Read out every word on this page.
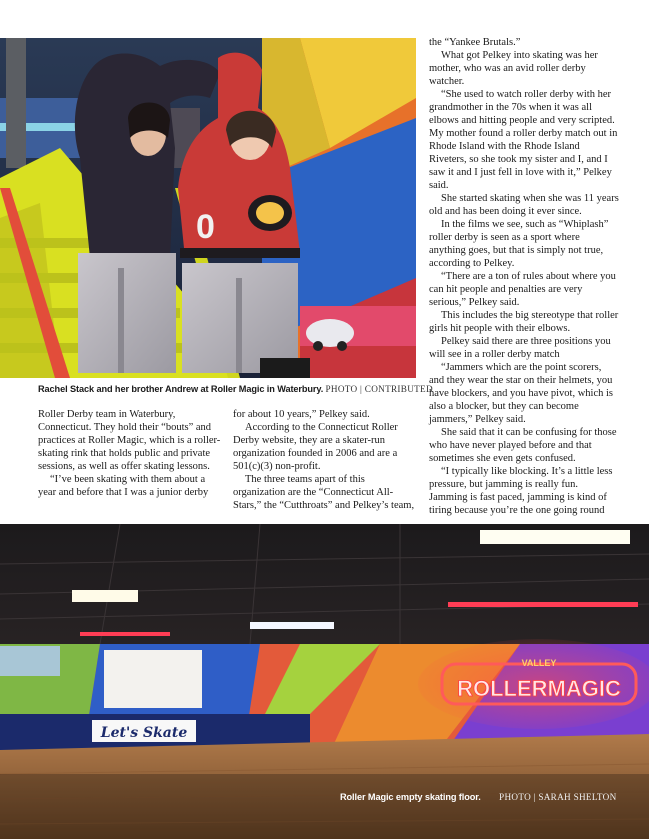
0
Rachel Stack and her brother Andrew at Roller Magic in Waterbury. PHOTO | CONTRIBUTED

Roller Derby team in Waterbury, Connecticut. They hold their “bouts” and practices at Roller Magic, which is a roller-skating rink that holds public and private sessions, as well as offer skating lessons.

“I’ve been skating with them about a year and before that I was a junior derby

for about 10 years,” Pelkey said.

According to the Connecticut Roller Derby website, they are a skater-run organization founded in 2006 and are a 501(c)(3) non-profit.

The three teams apart of this organization are the “Connecticut All-Stars,” the “Cutthroats” and Pelkey’s team,

the “Yankee Brutals.”

What got Pelkey into skating was her mother, who was an avid roller derby watcher.

“She used to watch roller derby with her grandmother in the 70s when it was all elbows and hitting people and very scripted. My mother found a roller derby match out in Rhode Island with the Rhode Island Riveters, so she took my sister and I, and I saw it and I just fell in love with it,” Pelkey said.

She started skating when she was 11 years old and has been doing it ever since.

In the films we see, such as “Whiplash” roller derby is seen as a sport where anything goes, but that is simply not true, according to Pelkey.

“There are a ton of rules about where you can hit people and penalties are very serious,” Pelkey said.

This includes the big stereotype that roller girls hit people with their elbows.

Pelkey said there are three positions you will see in a roller derby match

“Jammers which are the point scorers, and they wear the star on their helmets, you have blockers, and you have pivot, which is also a blocker, but they can become jammers,” Pelkey said.

She said that it can be confusing for those who have never played before and that sometimes she even gets confused.

“I typically like blocking. It’s a little less pressure, but jamming is really fun. Jamming is fast paced, jamming is kind of tiring because you’re the one going round

VALLEY
ROLLERMAGIC
Let's Skate
Roller Magic empty skating floor. PHOTO | SARAH SHELTON
